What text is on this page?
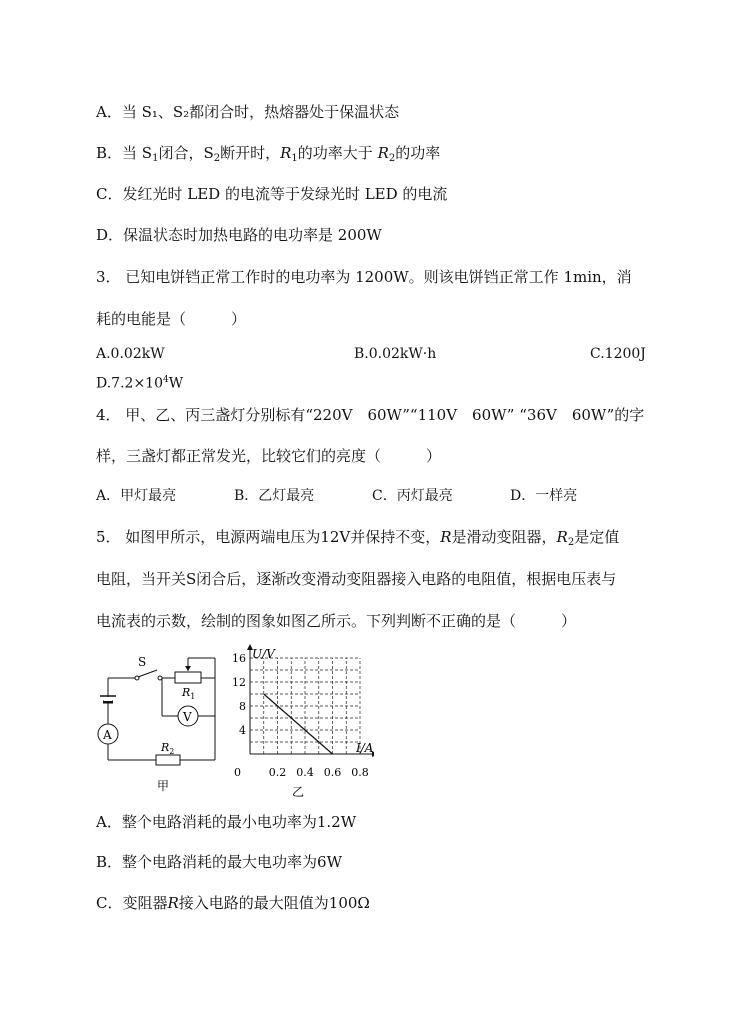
A．当 S₁、S₂都闭合时，热熔器处于保温状态
B．当 $S_1$闭合，$S_2$断开时，$R_1$的功率大于 $R_2$的功率
C．发红光时 LED 的电流等于发绿光时 LED 的电流
D．保温状态时加热电路的电功率是 200W
3． 已知电饼铛正常工作时的电功率为 1200W。则该电饼铛正常工作 1min，消
耗的电能是（　　　）
A.0.02kW	B.0.02kW·h	C.1200J
$D.7.2\times 10^4W$
4． 甲、乙、丙三盏灯分别标有“220V　60W”“110V　60W” “36V　60W”的字
样，三盏灯都正常发光，比较它们的亮度（　　　）
A．甲灯最亮	B．乙灯最亮	C．丙灯最亮	D．一样亮
5． 如图甲所示，电源两端电压为12V并保持不变，R是滑动变阻器，$R_2$是定值
电阻，当开关S闭合后，逐渐改变滑动变阻器接入电路的电阻值，根据电压表与
电流表的示数，绘制的图象如图乙所示。下列判断不正确的是（　　　）
S
$R_1$
V
A
$R_2$
甲
16
12
8
4
0.2 0.4 0.6 0.8
U/V
I/A
0
乙
A．整个电路消耗的最小电功率为1.2W
B．整个电路消耗的最大电功率为6W
C．变阻器R接入电路的最大阻值为100Ω
